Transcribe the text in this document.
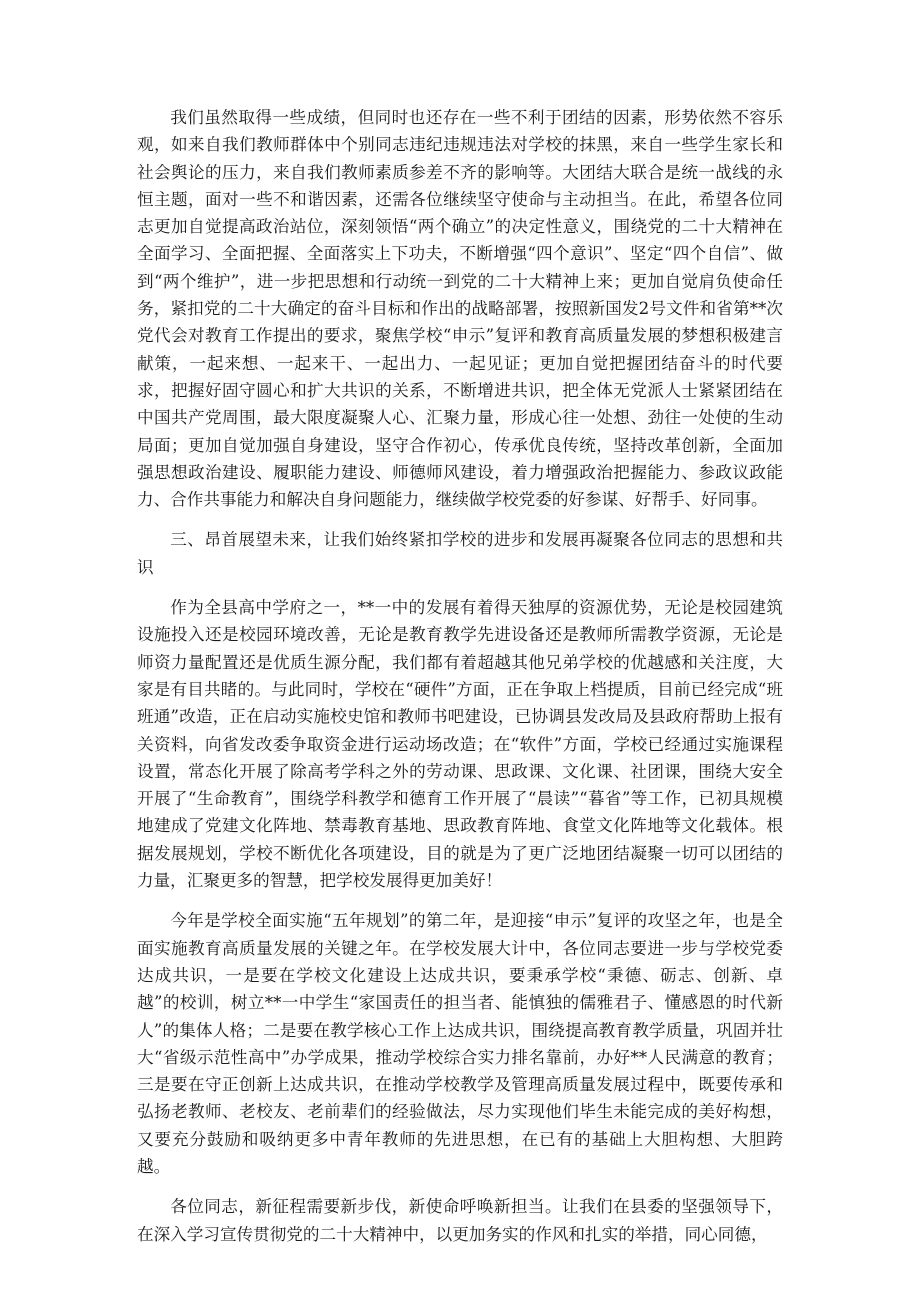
我们虽然取得一些成绩，但同时也还存在一些不利于团结的因素，形势依然不容乐观，如来自我们教师群体中个别同志违纪违规违法对学校的抹黑，来自一些学生家长和社会舆论的压力，来自我们教师素质参差不齐的影响等。大团结大联合是统一战线的永恒主题，面对一些不和谐因素，还需各位继续坚守使命与主动担当。在此，希望各位同志更加自觉提高政治站位，深刻领悟“两个确立”的决定性意义，围绕党的二十大精神在全面学习、全面把握、全面落实上下功夫，不断增强“四个意识”、坚定“四个自信”、做到“两个维护”，进一步把思想和行动统一到党的二十大精神上来；更加自觉肩负使命任务，紧扣党的二十大确定的奋斗目标和作出的战略部署，按照新国发2号文件和省第**次党代会对教育工作提出的要求，聚焦学校“申示”复评和教育高质量发展的梦想积极建言献策，一起来想、一起来干、一起出力、一起见证；更加自觉把握团结奋斗的时代要求，把握好固守圆心和扩大共识的关系，不断增进共识，把全体无党派人士紧紧团结在中国共产党周围，最大限度凝聚人心、汇聚力量，形成心往一处想、劲往一处使的生动局面；更加自觉加强自身建设，坚守合作初心，传承优良传统，坚持改革创新，全面加强思想政治建设、履职能力建设、师德师风建设，着力增强政治把握能力、参政议政能力、合作共事能力和解决自身问题能力，继续做学校党委的好参谋、好帮手、好同事。

三、昂首展望未来，让我们始终紧扣学校的进步和发展再凝聚各位同志的思想和共识

作为全县高中学府之一，**一中的发展有着得天独厚的资源优势，无论是校园建筑设施投入还是校园环境改善，无论是教育教学先进设备还是教师所需教学资源，无论是师资力量配置还是优质生源分配，我们都有着超越其他兄弟学校的优越感和关注度，大家是有目共睹的。与此同时，学校在“硬件”方面，正在争取上档提质，目前已经完成“班班通”改造，正在启动实施校史馆和教师书吧建设，已协调县发改局及县政府帮助上报有关资料，向省发改委争取资金进行运动场改造；在“软件”方面，学校已经通过实施课程设置，常态化开展了除高考学科之外的劳动课、思政课、文化课、社团课，围绕大安全开展了“生命教育”，围绕学科教学和德育工作开展了“晨读”“暮省”等工作，已初具规模地建成了党建文化阵地、禁毒教育基地、思政教育阵地、食堂文化阵地等文化载体。根据发展规划，学校不断优化各项建设，目的就是为了更广泛地团结凝聚一切可以团结的力量，汇聚更多的智慧，把学校发展得更加美好！

今年是学校全面实施“五年规划”的第二年，是迎接“申示”复评的攻坚之年，也是全面实施教育高质量发展的关键之年。在学校发展大计中，各位同志要进一步与学校党委达成共识，一是要在学校文化建设上达成共识，要秉承学校“秉德、砺志、创新、卓越”的校训，树立**一中学生“家国责任的担当者、能慎独的儒雅君子、懂感恩的时代新人”的集体人格；二是要在教学核心工作上达成共识，围绕提高教育教学质量，巩固并壮大“省级示范性高中”办学成果，推动学校综合实力排名靠前，办好**人民满意的教育；三是要在守正创新上达成共识，在推动学校教学及管理高质量发展过程中，既要传承和弘扬老教师、老校友、老前辈们的经验做法，尽力实现他们毕生未能完成的美好构想，又要充分鼓励和吸纳更多中青年教师的先进思想，在已有的基础上大胆构想、大胆跨越。

各位同志，新征程需要新步伐，新使命呼唤新担当。让我们在县委的坚强领导下，在深入学习宣传贯彻党的二十大精神中，以更加务实的作风和扎实的举措，同心同德，
